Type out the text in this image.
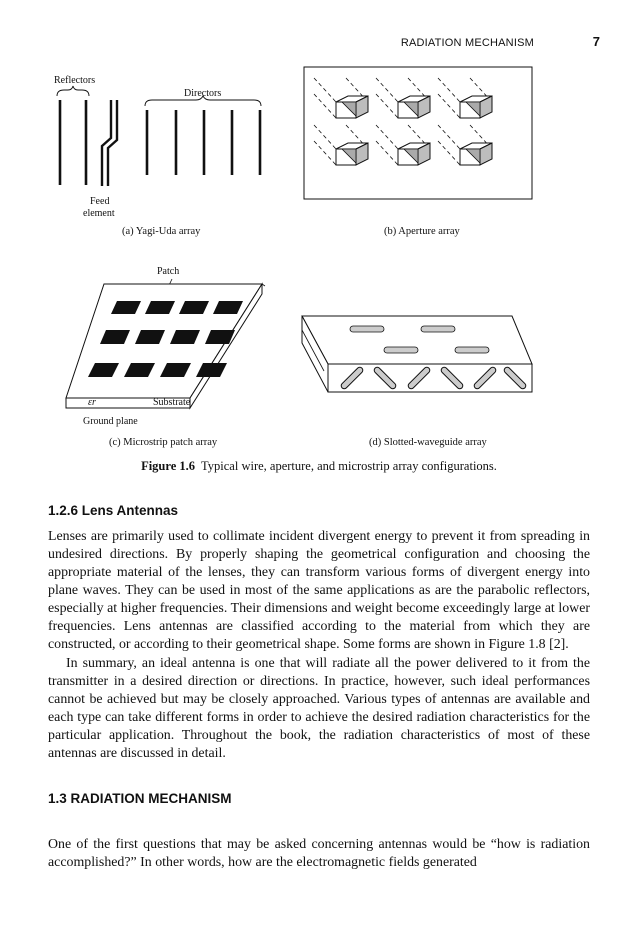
RADIATION MECHANISM	7
Reflectors
Directors
Feed
element
(a) Yagi-Uda array	(b) Aperture array
Patch
εr	Substrate
Ground plane
(c) Microstrip patch array	(d) Slotted-waveguide array
Figure 1.6 Typical wire, aperture, and microstrip array configurations.
1.2.6 Lens Antennas

Lenses are primarily used to collimate incident divergent energy to prevent it from spreading in undesired directions. By properly shaping the geometrical configuration and choosing the appropriate material of the lenses, they can transform various forms of divergent energy into plane waves. They can be used in most of the same applications as are the parabolic reflectors, especially at higher frequencies. Their dimensions and weight become exceedingly large at lower frequencies. Lens antennas are classified according to the material from which they are constructed, or according to their geometrical shape. Some forms are shown in Figure 1.8 [2].

In summary, an ideal antenna is one that will radiate all the power delivered to it from the transmitter in a desired direction or directions. In practice, however, such ideal performances cannot be achieved but may be closely approached. Various types of antennas are available and each type can take different forms in order to achieve the desired radiation characteristics for the particular application. Throughout the book, the radiation characteristics of most of these antennas are discussed in detail.

1.3 RADIATION MECHANISM

One of the first questions that may be asked concerning antennas would be “how is radiation accomplished?” In other words, how are the electromagnetic fields generated
